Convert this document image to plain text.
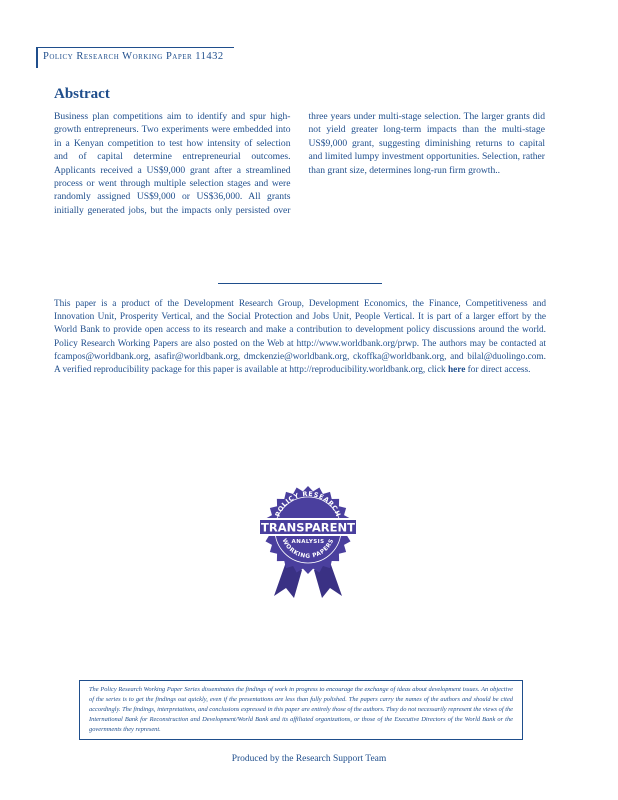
Policy Research Working Paper 11432
Abstract
Business plan competitions aim to identify and spur high-growth entrepreneurs. Two experiments were embedded into in a Kenyan competition to test how intensity of selection and of capital determine entrepreneurial outcomes. Applicants received a US$9,000 grant after a streamlined process or went through multiple selection stages and were randomly assigned US$9,000 or US$36,000. All grants initially generated jobs, but the impacts only persisted over three years under multi-stage selection. The larger grants did not yield greater long-term impacts than the multi-stage US$9,000 grant, suggesting diminishing returns to capital and limited lumpy investment opportunities. Selection, rather than grant size, determines long-run firm growth..

This paper is a product of the Development Research Group, Development Economics, the Finance, Competitiveness and Innovation Unit, Prosperity Vertical, and the Social Protection and Jobs Unit, People Vertical. It is part of a larger effort by the World Bank to provide open access to its research and make a contribution to development policy discussions around the world. Policy Research Working Papers are also posted on the Web at http://www.worldbank.org/prwp. The authors may be contacted at fcampos@worldbank.org, asafir@worldbank.org, dmckenzie@worldbank.org, ckoffka@worldbank.org, and bilal@duolingo.com. A verified reproducibility package for this paper is available at http://reproducibility.worldbank.org, click here for direct access.

POLICY RESEARCH
TRANSPARENT
ANALYSIS
WORKING PAPERS

The Policy Research Working Paper Series disseminates the findings of work in progress to encourage the exchange of ideas about development issues. An objective of the series is to get the findings out quickly, even if the presentations are less than fully polished. The papers carry the names of the authors and should be cited accordingly. The findings, interpretations, and conclusions expressed in this paper are entirely those of the authors. They do not necessarily represent the views of the International Bank for Reconstruction and Development/World Bank and its affiliated organizations, or those of the Executive Directors of the World Bank or the governments they represent.

Produced by the Research Support Team
